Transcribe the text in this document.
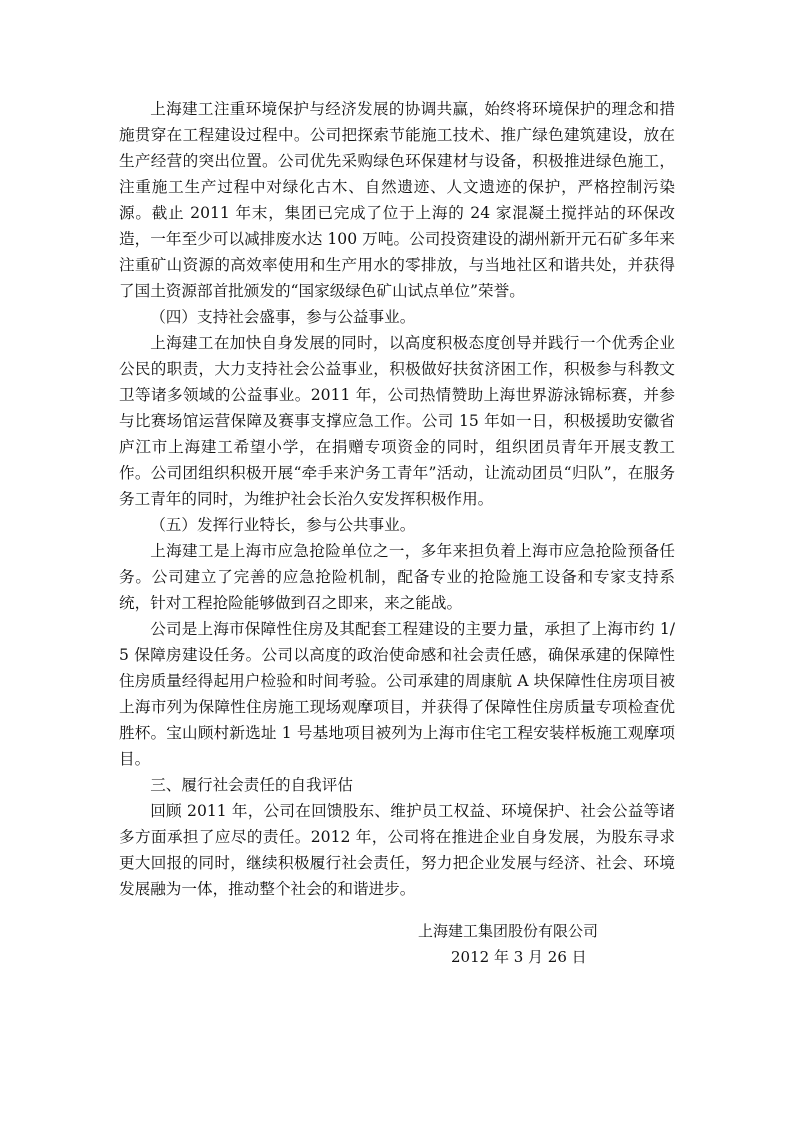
上海建工注重环境保护与经济发展的协调共赢，始终将环境保护的理念和措施贯穿在工程建设过程中。公司把探索节能施工技术、推广绿色建筑建设，放在生产经营的突出位置。公司优先采购绿色环保建材与设备，积极推进绿色施工，注重施工生产过程中对绿化古木、自然遗迹、人文遗迹的保护，严格控制污染源。截止 2011 年末，集团已完成了位于上海的 24 家混凝土搅拌站的环保改造，一年至少可以减排废水达 100 万吨。公司投资建设的湖州新开元石矿多年来注重矿山资源的高效率使用和生产用水的零排放，与当地社区和谐共处，并获得了国土资源部首批颁发的“国家级绿色矿山试点单位”荣誉。

（四）支持社会盛事，参与公益事业。

上海建工在加快自身发展的同时，以高度积极态度创导并践行一个优秀企业公民的职责，大力支持社会公益事业，积极做好扶贫济困工作，积极参与科教文卫等诸多领域的公益事业。2011 年，公司热情赞助上海世界游泳锦标赛，并参与比赛场馆运营保障及赛事支撑应急工作。公司 15 年如一日，积极援助安徽省庐江市上海建工希望小学，在捐赠专项资金的同时，组织团员青年开展支教工作。公司团组织积极开展“牵手来沪务工青年”活动，让流动团员“归队”，在服务务工青年的同时，为维护社会长治久安发挥积极作用。

（五）发挥行业特长，参与公共事业。

上海建工是上海市应急抢险单位之一，多年来担负着上海市应急抢险预备任务。公司建立了完善的应急抢险机制，配备专业的抢险施工设备和专家支持系统，针对工程抢险能够做到召之即来，来之能战。

公司是上海市保障性住房及其配套工程建设的主要力量，承担了上海市约 1/5 保障房建设任务。公司以高度的政治使命感和社会责任感，确保承建的保障性住房质量经得起用户检验和时间考验。公司承建的周康航 A 块保障性住房项目被上海市列为保障性住房施工现场观摩项目，并获得了保障性住房质量专项检查优胜杯。宝山顾村新选址 1 号基地项目被列为上海市住宅工程安装样板施工观摩项目。

三、履行社会责任的自我评估

回顾 2011 年，公司在回馈股东、维护员工权益、环境保护、社会公益等诸多方面承担了应尽的责任。2012 年，公司将在推进企业自身发展，为股东寻求更大回报的同时，继续积极履行社会责任，努力把企业发展与经济、社会、环境发展融为一体，推动整个社会的和谐进步。

上海建工集团股份有限公司
2012 年 3 月 26 日
